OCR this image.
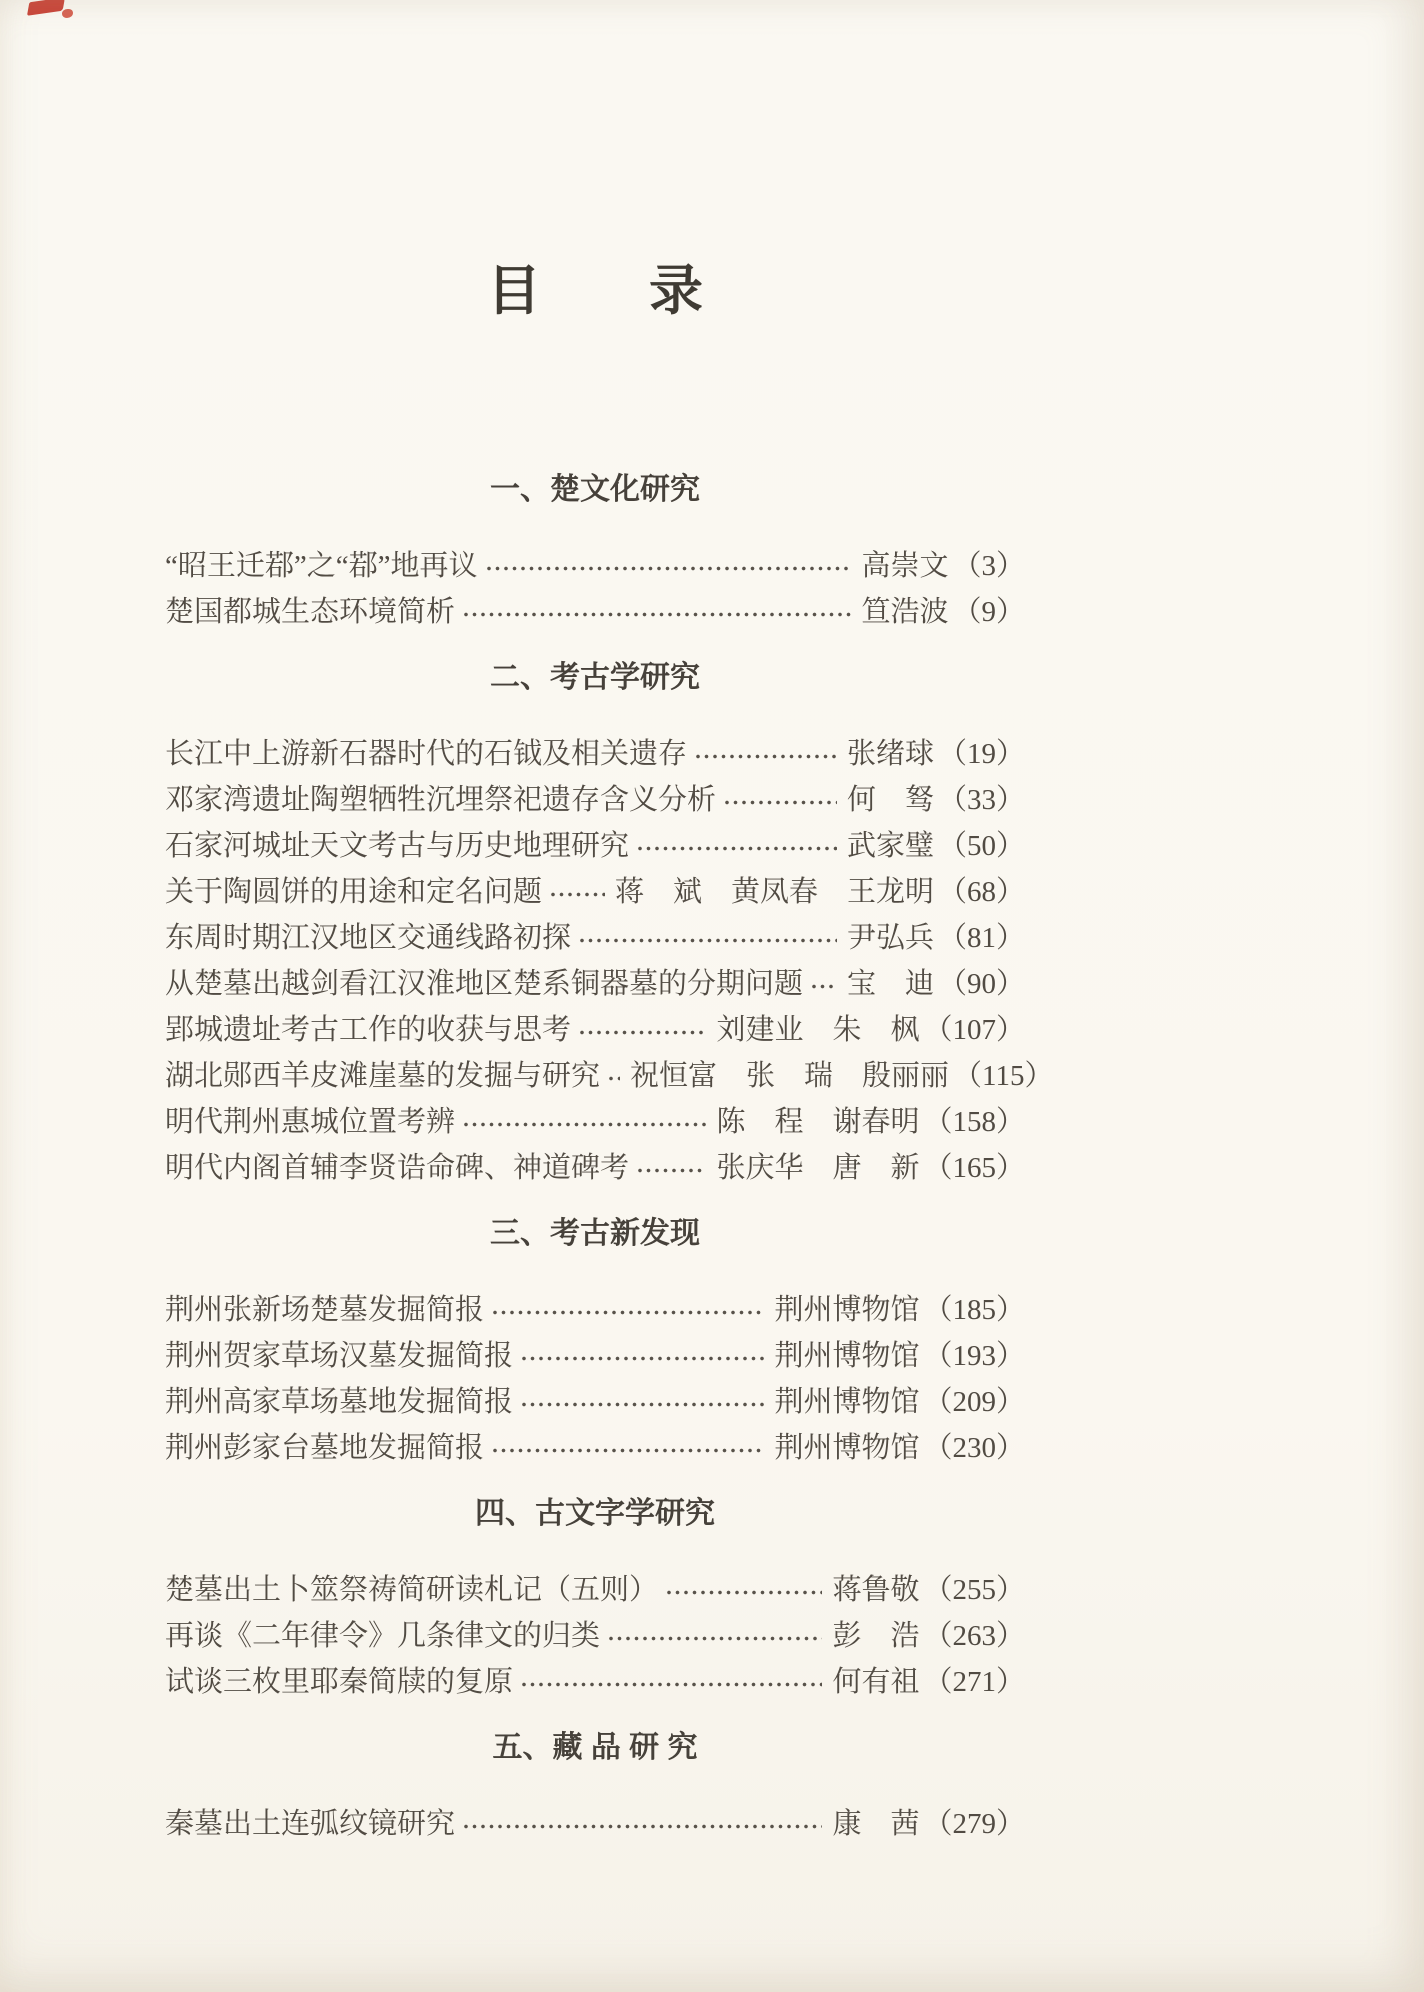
目　　录
一、楚文化研究
“昭王迁鄀”之“鄀”地再议	高崇文 （3）
楚国都城生态环境简析	笪浩波 （9）
二、考古学研究
长江中上游新石器时代的石钺及相关遗存	张绪球 （19）
邓家湾遗址陶塑牺牲沉埋祭祀遗存含义分析	何　驽 （33）
石家河城址天文考古与历史地理研究	武家璧 （50）
关于陶圆饼的用途和定名问题	蒋　斌　黄凤春　王龙明 （68）
东周时期江汉地区交通线路初探	尹弘兵 （81）
从楚墓出越剑看江汉淮地区楚系铜器墓的分期问题 宝　迪 （90）
郢城遗址考古工作的收获与思考	刘建业　朱　枫 （107）
湖北郧西羊皮滩崖墓的发掘与研究 祝恒富　张　瑞　殷丽丽 （115）
明代荆州惠城位置考辨	陈　程　谢春明 （158）
明代内阁首辅李贤诰命碑、神道碑考	张庆华　唐　新 （165）
三、考古新发现
荆州张新场楚墓发掘简报	荆州博物馆 （185）
荆州贺家草场汉墓发掘简报	荆州博物馆 （193）
荆州高家草场墓地发掘简报	荆州博物馆 （209）
荆州彭家台墓地发掘简报	荆州博物馆 （230）
四、古文字学研究
楚墓出土卜筮祭祷简研读札记（五则）	蒋鲁敬 （255）
再谈《二年律令》几条律文的归类	彭　浩 （263）
试谈三枚里耶秦简牍的复原	何有祖 （271）
五、藏 品 研 究
秦墓出土连弧纹镜研究	康　茜 （279）
